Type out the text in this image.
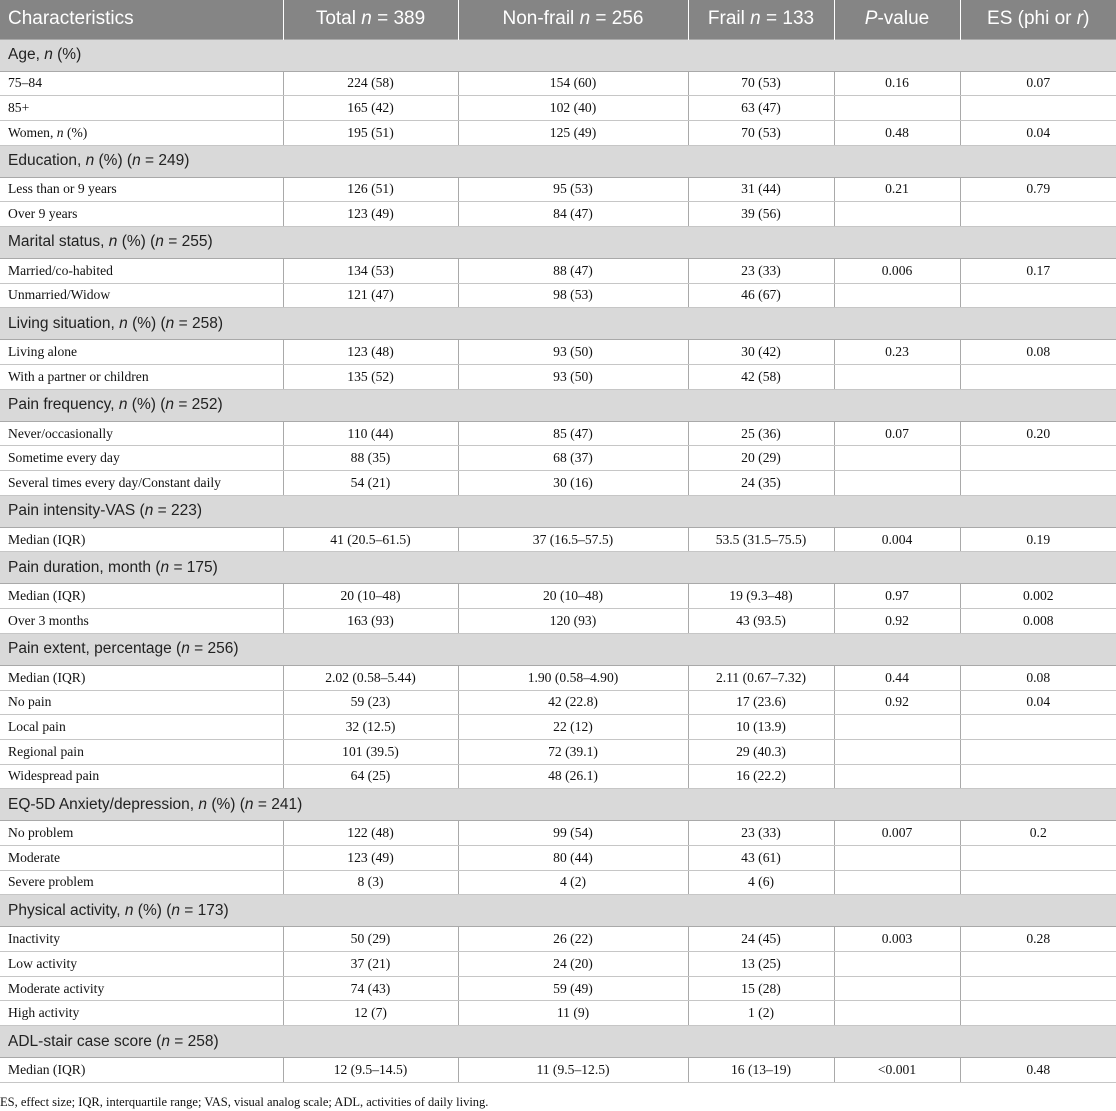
Characteristics	Total n = 389	Non-frail n = 256	Frail n = 133	P-value	ES (phi or r)
Age, n (%)					
75–84	224 (58)	154 (60)	70 (53)	0.16	0.07
85+	165 (42)	102 (40)	63 (47)		
Women, n (%)	195 (51)	125 (49)	70 (53)	0.48	0.04
Education, n (%) (n = 249)					
Less than or 9 years	126 (51)	95 (53)	31 (44)	0.21	0.79
Over 9 years	123 (49)	84 (47)	39 (56)		
Marital status, n (%) (n = 255)					
Married/co-habited	134 (53)	88 (47)	23 (33)	0.006	0.17
Unmarried/Widow	121 (47)	98 (53)	46 (67)		
Living situation, n (%) (n = 258)					
Living alone	123 (48)	93 (50)	30 (42)	0.23	0.08
With a partner or children	135 (52)	93 (50)	42 (58)		
Pain frequency, n (%) (n = 252)					
Never/occasionally	110 (44)	85 (47)	25 (36)	0.07	0.20
Sometime every day	88 (35)	68 (37)	20 (29)		
Several times every day/Constant daily	54 (21)	30 (16)	24 (35)		
Pain intensity-VAS (n = 223)					
Median (IQR)	41 (20.5–61.5)	37 (16.5–57.5)	53.5 (31.5–75.5)	0.004	0.19
Pain duration, month (n = 175)					
Median (IQR)	20 (10–48)	20 (10–48)	19 (9.3–48)	0.97	0.002
Over 3 months	163 (93)	120 (93)	43 (93.5)	0.92	0.008
Pain extent, percentage (n = 256)					
Median (IQR)	2.02 (0.58–5.44)	1.90 (0.58–4.90)	2.11 (0.67–7.32)	0.44	0.08
No pain	59 (23)	42 (22.8)	17 (23.6)	0.92	0.04
Local pain	32 (12.5)	22 (12)	10 (13.9)		
Regional pain	101 (39.5)	72 (39.1)	29 (40.3)		
Widespread pain	64 (25)	48 (26.1)	16 (22.2)		
EQ-5D Anxiety/depression, n (%) (n = 241)					
No problem	122 (48)	99 (54)	23 (33)	0.007	0.2
Moderate	123 (49)	80 (44)	43 (61)		
Severe problem	8 (3)	4 (2)	4 (6)		
Physical activity, n (%) (n = 173)					
Inactivity	50 (29)	26 (22)	24 (45)	0.003	0.28
Low activity	37 (21)	24 (20)	13 (25)		
Moderate activity	74 (43)	59 (49)	15 (28)		
High activity	12 (7)	11 (9)	1 (2)		
ADL-stair case score (n = 258)					
Median (IQR)	12 (9.5–14.5)	11 (9.5–12.5)	16 (13–19)	<0.001	0.48
ES, effect size; IQR, interquartile range; VAS, visual analog scale; ADL, activities of daily living.
